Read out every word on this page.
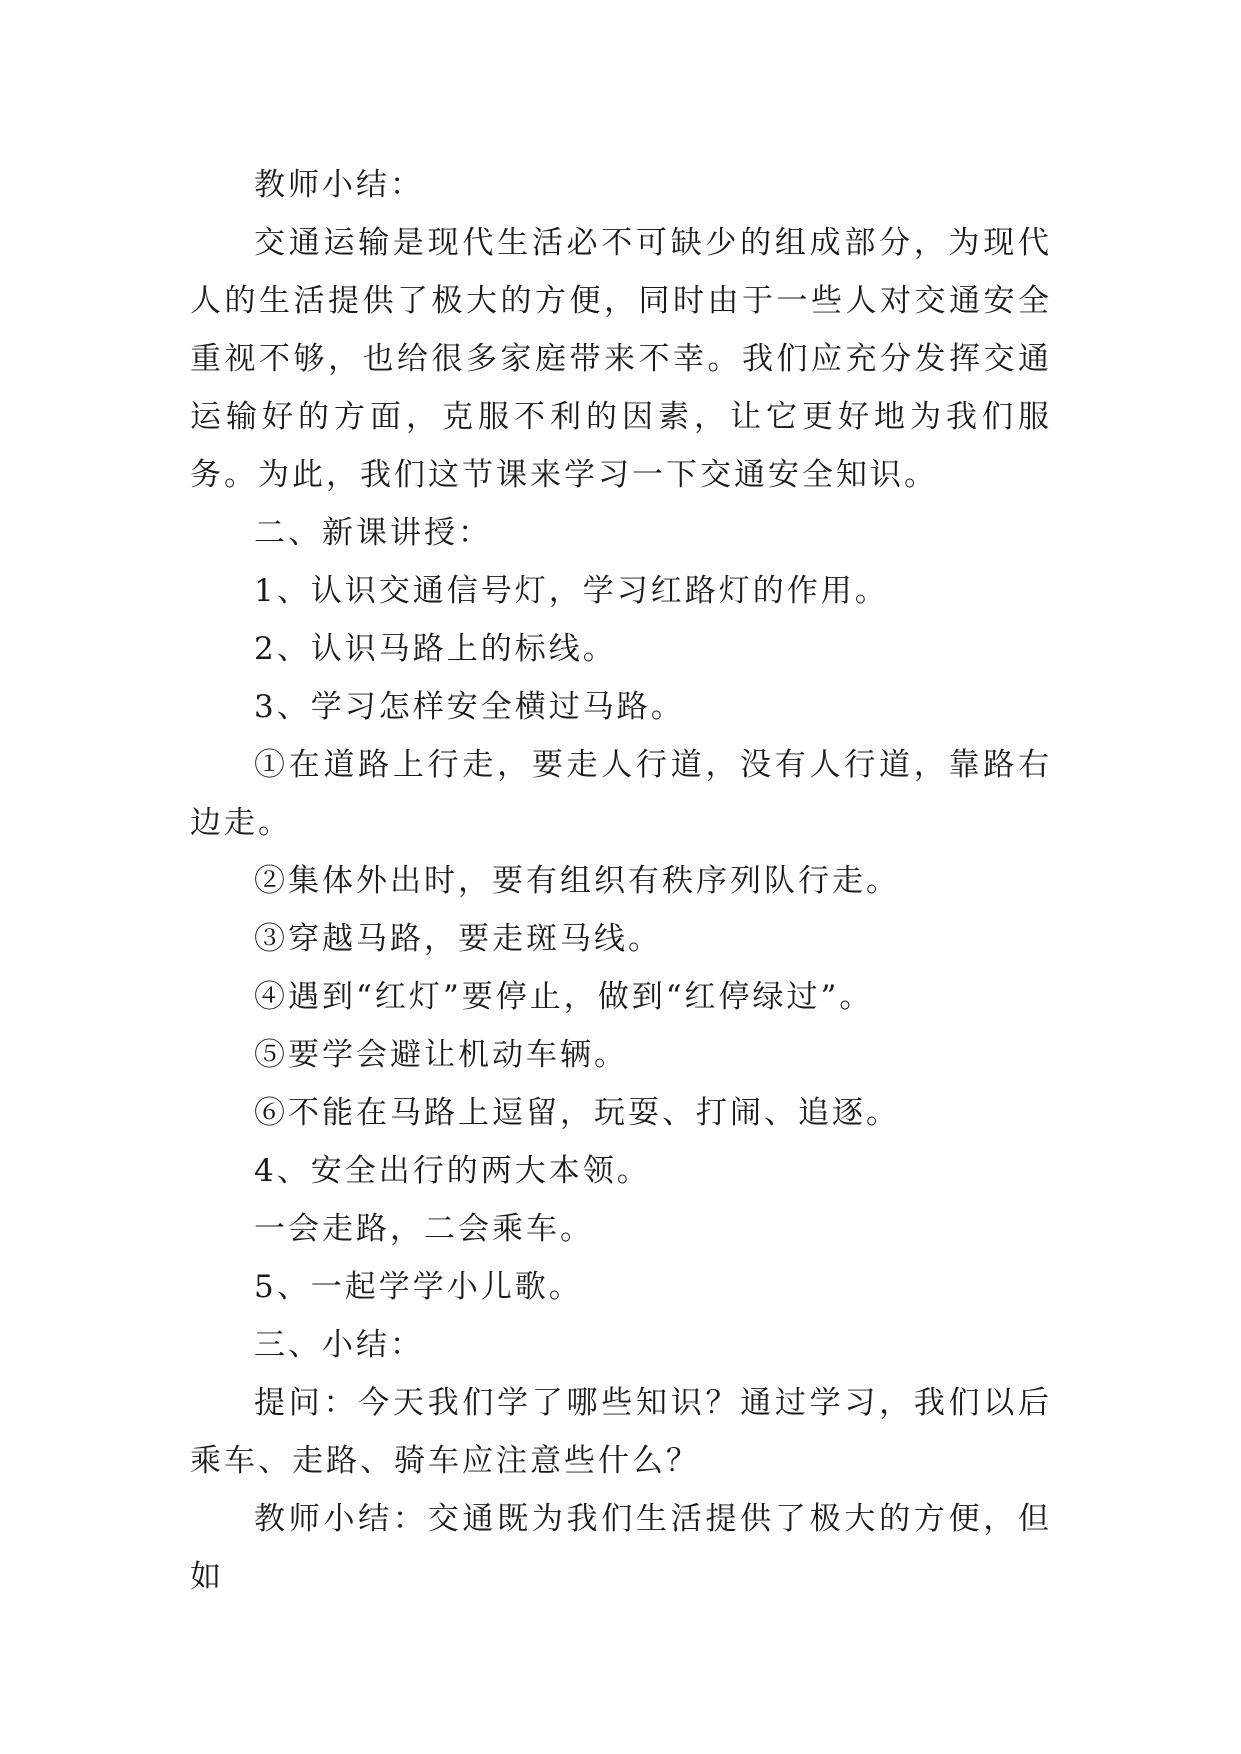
教师小结：

交通运输是现代生活必不可缺少的组成部分，为现代人的生活提供了极大的方便，同时由于一些人对交通安全重视不够，也给很多家庭带来不幸。我们应充分发挥交通运输好的方面，克服不利的因素，让它更好地为我们服务。为此，我们这节课来学习一下交通安全知识。

二、新课讲授：

1、认识交通信号灯，学习红路灯的作用。

2、认识马路上的标线。

3、学习怎样安全横过马路。

①在道路上行走，要走人行道，没有人行道，靠路右边走。

②集体外出时，要有组织有秩序列队行走。

③穿越马路，要走斑马线。

④遇到“红灯”要停止，做到“红停绿过”。

⑤要学会避让机动车辆。

⑥不能在马路上逗留，玩耍、打闹、追逐。

4、安全出行的两大本领。

一会走路，二会乘车。

5、一起学学小儿歌。

三、小结：

提问：今天我们学了哪些知识？通过学习，我们以后乘车、走路、骑车应注意些什么？

教师小结：交通既为我们生活提供了极大的方便，但如
